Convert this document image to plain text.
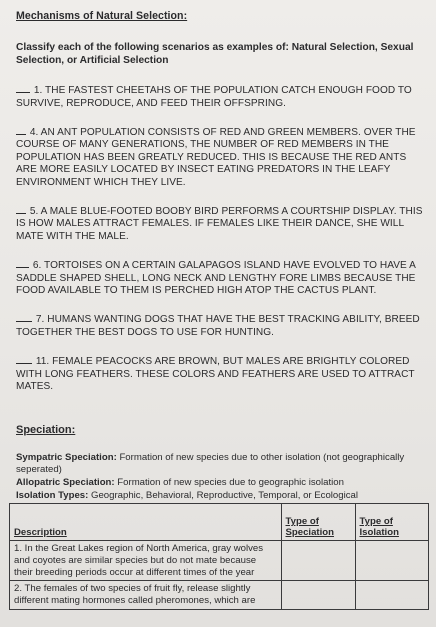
Mechanisms of Natural Selection:
Classify each of the following scenarios as examples of: Natural Selection, Sexual Selection, or Artificial Selection
1. THE FASTEST CHEETAHS OF THE POPULATION CATCH ENOUGH FOOD TO SURVIVE, REPRODUCE, AND FEED THEIR OFFSPRING.
4. AN ANT POPULATION CONSISTS OF RED AND GREEN MEMBERS. OVER THE COURSE OF MANY GENERATIONS, THE NUMBER OF RED MEMBERS IN THE POPULATION HAS BEEN GREATLY REDUCED. THIS IS BECAUSE THE RED ANTS ARE MORE EASILY LOCATED BY INSECT EATING PREDATORS IN THE LEAFY ENVIRONMENT WHICH THEY LIVE.
5. A MALE BLUE-FOOTED BOOBY BIRD PERFORMS A COURTSHIP DISPLAY. THIS IS HOW MALES ATTRACT FEMALES. IF FEMALES LIKE THEIR DANCE, SHE WILL MATE WITH THE MALE.
6. TORTOISES ON A CERTAIN GALAPAGOS ISLAND HAVE EVOLVED TO HAVE A SADDLE SHAPED SHELL, LONG NECK AND LENGTHY FORE LIMBS BECAUSE THE FOOD AVAILABLE TO THEM IS PERCHED HIGH ATOP THE CACTUS PLANT.
7. HUMANS WANTING DOGS THAT HAVE THE BEST TRACKING ABILITY, BREED TOGETHER THE BEST DOGS TO USE FOR HUNTING.
11. FEMALE PEACOCKS ARE BROWN, BUT MALES ARE BRIGHTLY COLORED WITH LONG FEATHERS. THESE COLORS AND FEATHERS ARE USED TO ATTRACT MATES.
Speciation:
Sympatric Speciation: Formation of new species due to other isolation (not geographically seperated)
Allopatric Speciation: Formation of new species due to geographic isolation
Isolation Types: Geographic, Behavioral, Reproductive, Temporal, or Ecological
Description	Type of Speciation	Type of Isolation
1. In the Great Lakes region of North America, gray wolves and coyotes are similar species but do not mate because their breeding periods occur at different times of the year		
2. The females of two species of fruit fly, release slightly different mating hormones called pheromones, which are		
